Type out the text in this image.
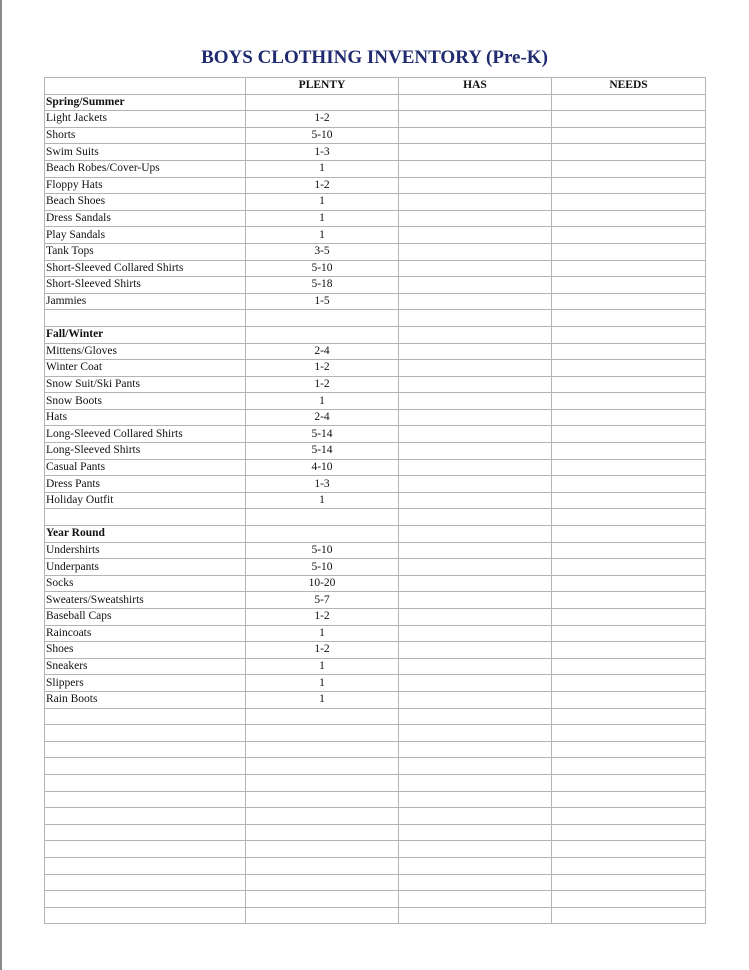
BOYS CLOTHING INVENTORY (Pre-K)
	PLENTY	HAS	NEEDS
Spring/Summer			
Light Jackets	1-2		
Shorts	5-10		
Swim Suits	1-3		
Beach Robes/Cover-Ups	1		
Floppy Hats	1-2		
Beach Shoes	1		
Dress Sandals	1		
Play Sandals	1		
Tank Tops	3-5		
Short-Sleeved Collared Shirts	5-10		
Short-Sleeved Shirts	5-18		
Jammies	1-5		

Fall/Winter			
Mittens/Gloves	2-4		
Winter Coat	1-2		
Snow Suit/Ski Pants	1-2		
Snow Boots	1		
Hats	2-4		
Long-Sleeved Collared Shirts	5-14		
Long-Sleeved Shirts	5-14		
Casual Pants	4-10		
Dress Pants	1-3		
Holiday Outfit	1		

Year Round			
Undershirts	5-10		
Underpants	5-10		
Socks	10-20		
Sweaters/Sweatshirts	5-7		
Baseball Caps	1-2		
Raincoats	1		
Shoes	1-2		
Sneakers	1		
Slippers	1		
Rain Boots	1		
